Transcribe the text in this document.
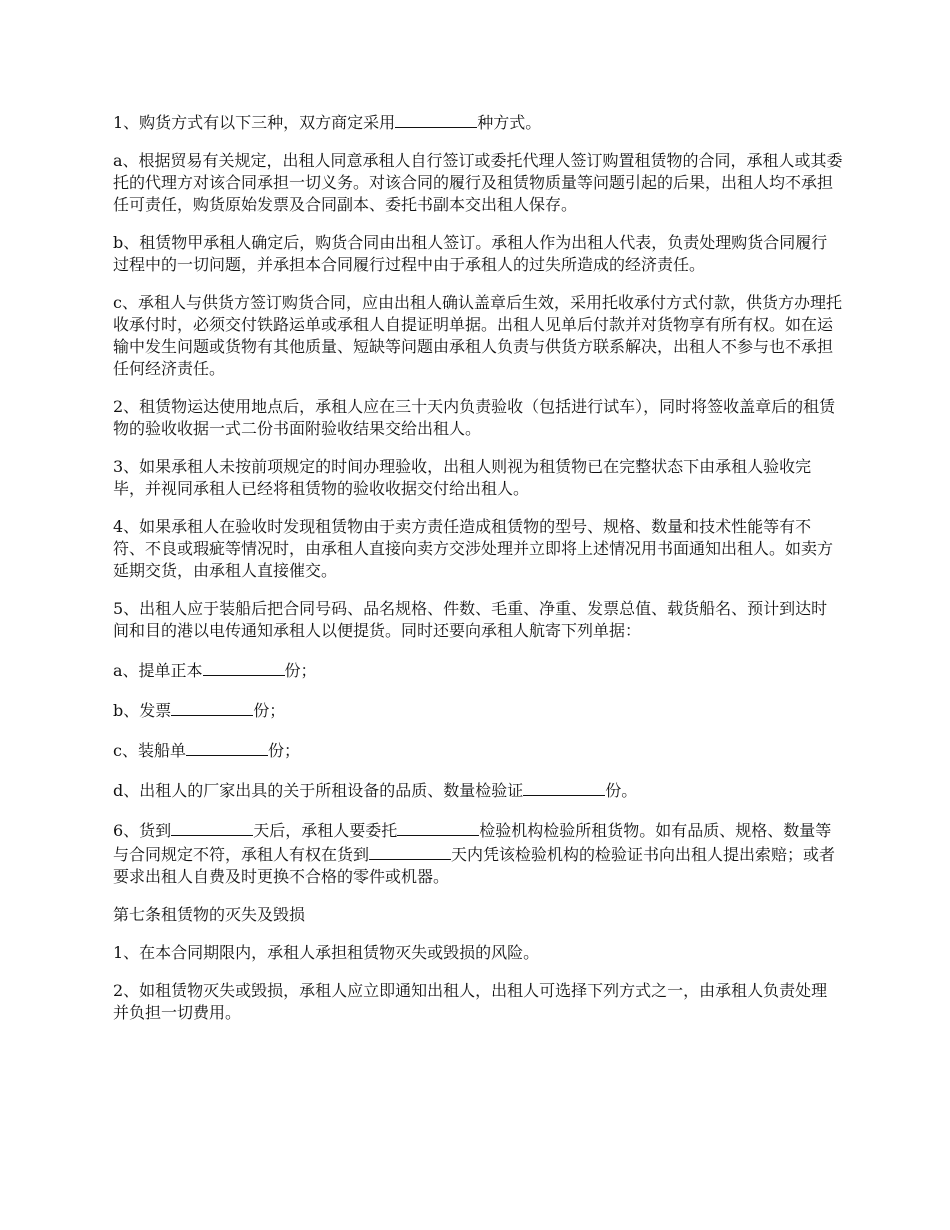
1、购货方式有以下三种，双方商定采用	种方式。

a、根据贸易有关规定，出租人同意承租人自行签订或委托代理人签订购置租赁物的合同，承租人或其委托的代理方对该合同承担一切义务。对该合同的履行及租赁物质量等问题引起的后果，出租人均不承担任可责任，购货原始发票及合同副本、委托书副本交出租人保存。

b、租赁物甲承租人确定后，购货合同由出租人签订。承租人作为出租人代表，负责处理购货合同履行过程中的一切问题，并承担本合同履行过程中由于承租人的过失所造成的经济责任。

c、承租人与供货方签订购货合同，应由出租人确认盖章后生效，采用托收承付方式付款，供货方办理托收承付时，必须交付铁路运单或承租人自提证明单据。出租人见单后付款并对货物享有所有权。如在运输中发生问题或货物有其他质量、短缺等问题由承租人负责与供货方联系解决，出租人不参与也不承担任何经济责任。

2、租赁物运达使用地点后，承租人应在三十天内负责验收（包括进行试车），同时将签收盖章后的租赁物的验收收据一式二份书面附验收结果交给出租人。

3、如果承租人未按前项规定的时间办理验收，出租人则视为租赁物已在完整状态下由承租人验收完毕，并视同承租人已经将租赁物的验收收据交付给出租人。

4、如果承租人在验收时发现租赁物由于卖方责任造成租赁物的型号、规格、数量和技术性能等有不符、不良或瑕疵等情况时，由承租人直接向卖方交涉处理并立即将上述情况用书面通知出租人。如卖方延期交货，由承租人直接催交。

5、出租人应于装船后把合同号码、品名规格、件数、毛重、净重、发票总值、载货船名、预计到达时间和目的港以电传通知承租人以便提货。同时还要向承租人航寄下列单据：

a、提单正本	份；

b、发票	份；

c、装船单	份；

d、出租人的厂家出具的关于所租设备的品质、数量检验证	份。

6、货到	天后，承租人要委托	检验机构检验所租货物。如有品质、规格、数量等与合同规定不符，承租人有权在货到	天内凭该检验机构的检验证书向出租人提出索赔；或者要求出租人自费及时更换不合格的零件或机器。

第七条租赁物的灭失及毁损

1、在本合同期限内，承租人承担租赁物灭失或毁损的风险。

2、如租赁物灭失或毁损，承租人应立即通知出租人，出租人可选择下列方式之一，由承租人负责处理并负担一切费用。
